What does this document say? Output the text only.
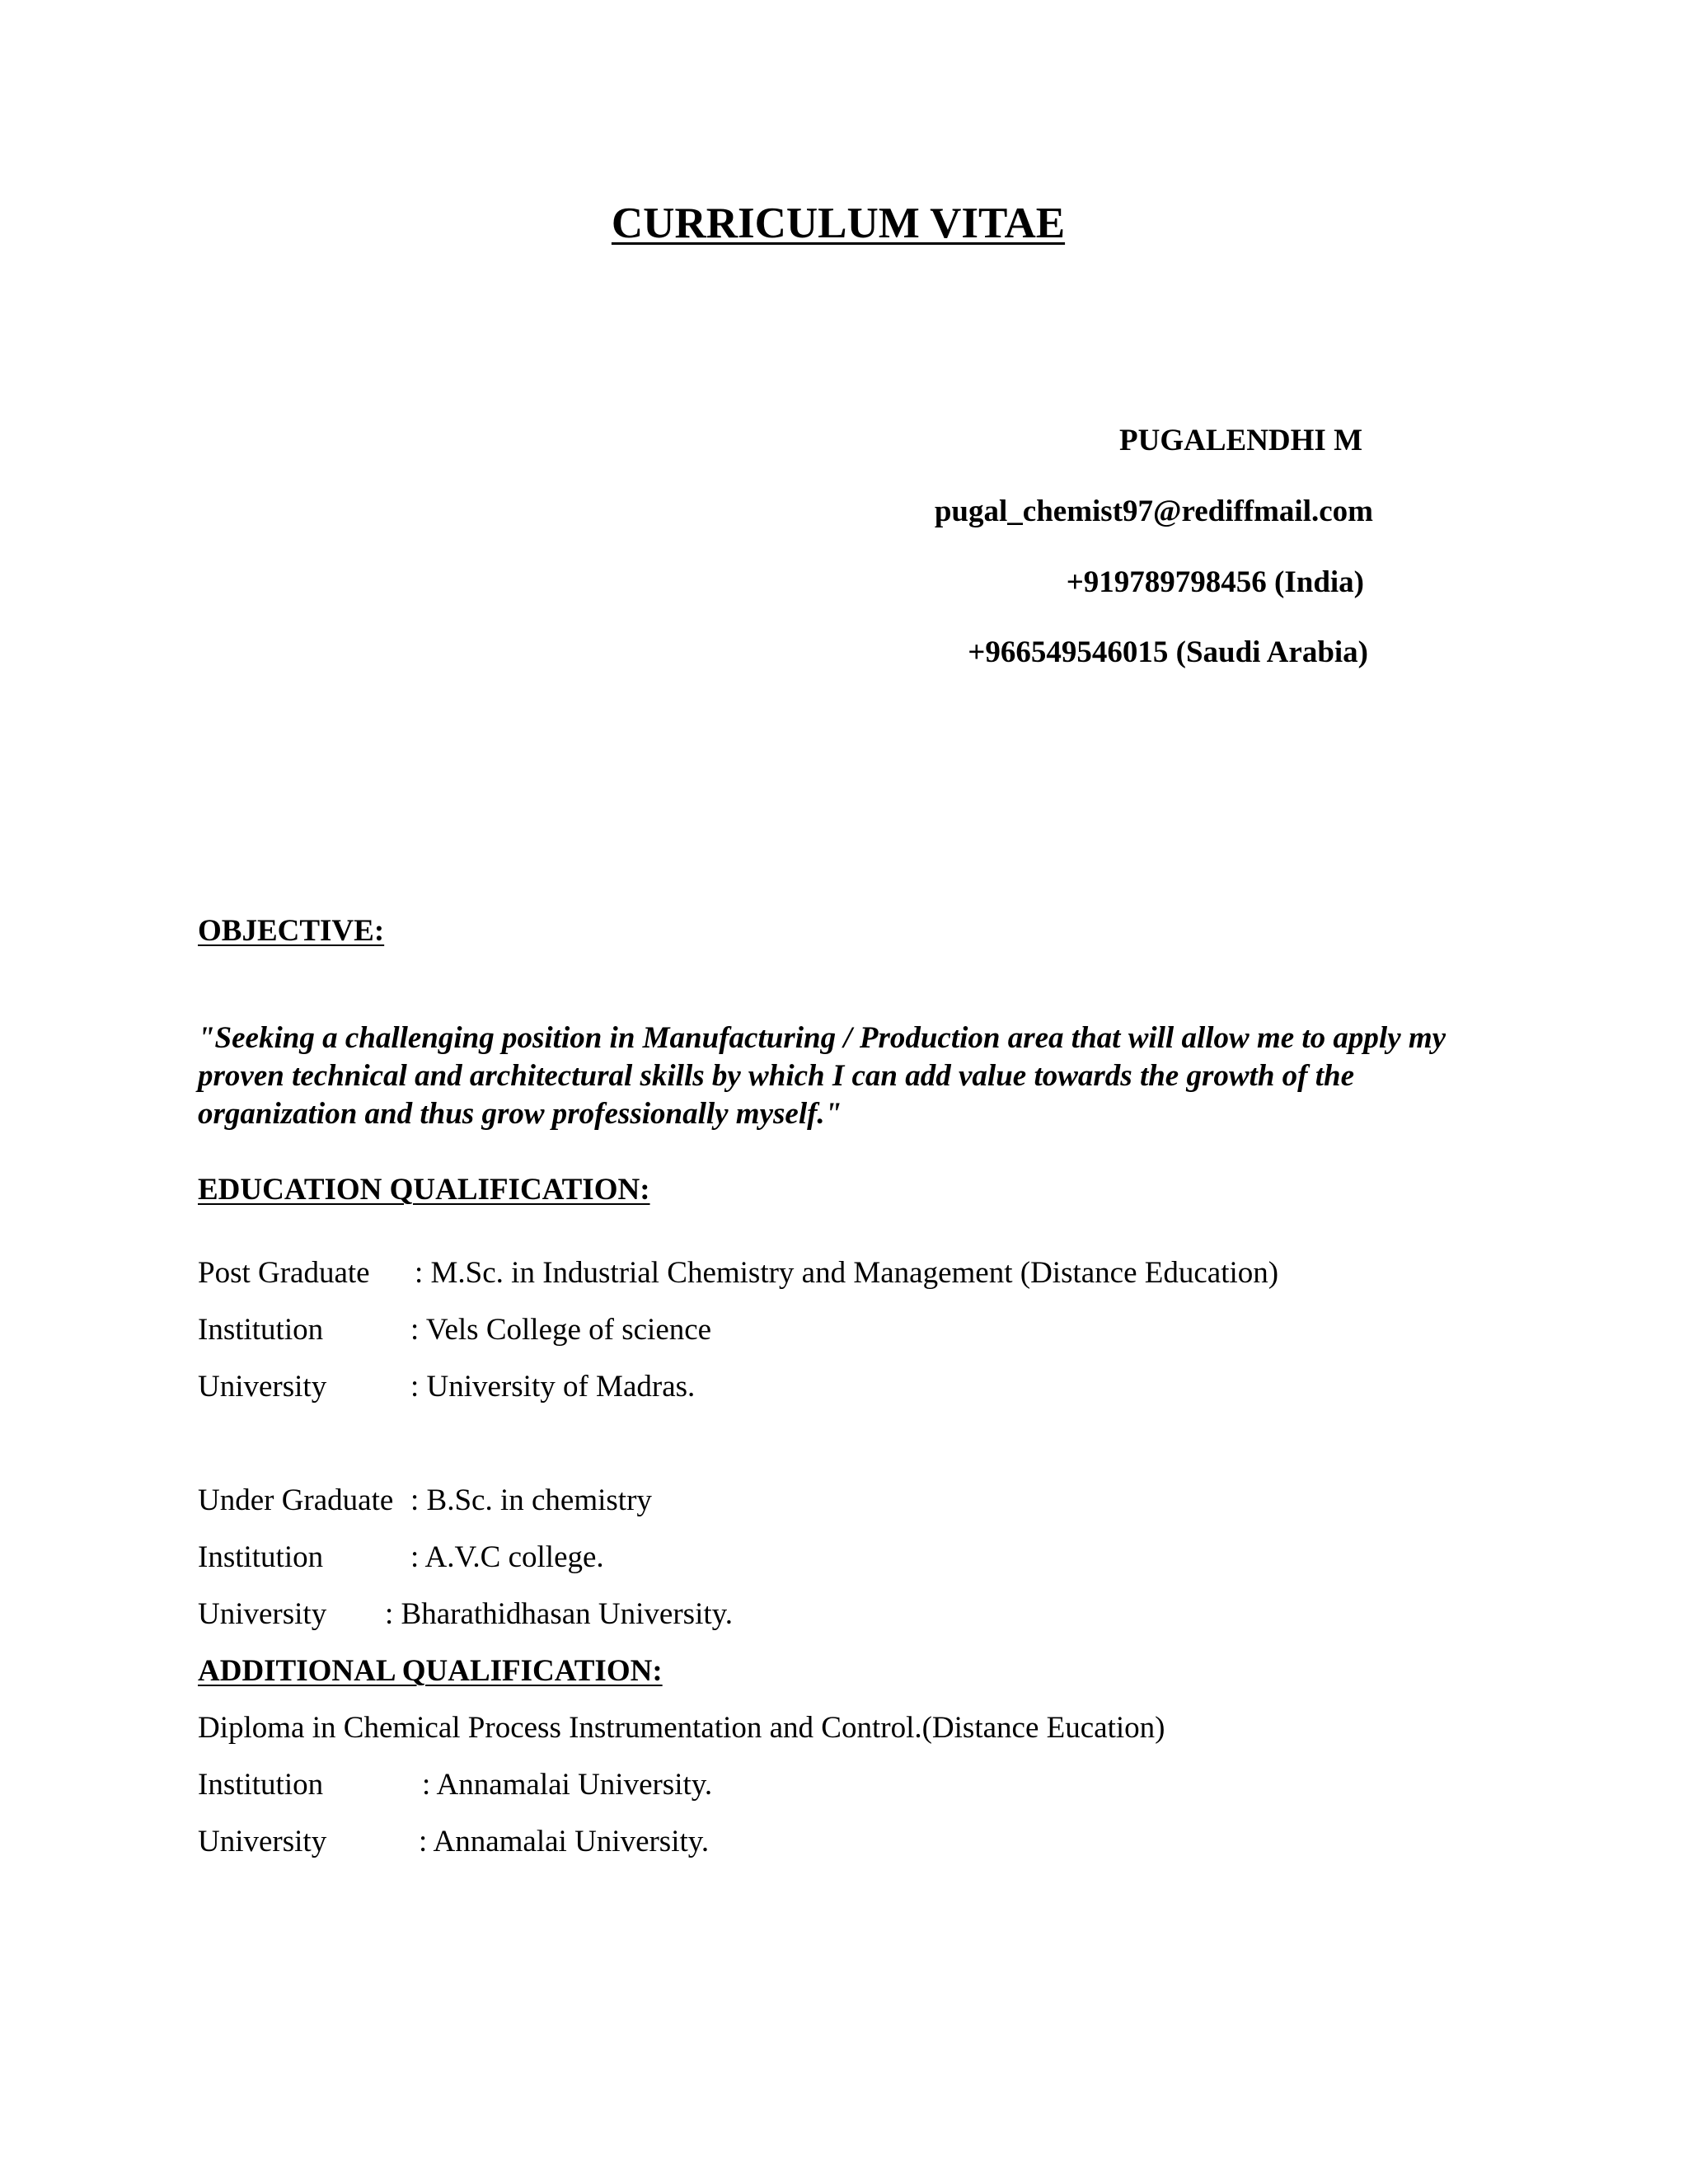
CURRICULUM VITAE
PUGALENDHI M
pugal_chemist97@rediffmail.com
+919789798456 (India)
+966549546015 (Saudi Arabia)
OBJECTIVE:
"Seeking a challenging position in Manufacturing / Production area that will allow me to apply my proven technical and architectural skills by which I can add value towards the growth of the organization and thus grow professionally myself."
EDUCATION QUALIFICATION:
Post Graduate : M.Sc. in Industrial Chemistry and Management (Distance Education)
Institution	: Vels College of science
University	: University of Madras.
Under Graduate : B.Sc. in chemistry
Institution	: A.V.C college.
University : Bharathidhasan University.
ADDITIONAL QUALIFICATION:
Diploma in Chemical Process Instrumentation and Control.(Distance Eucation)
Institution	: Annamalai University.
University	: Annamalai University.
